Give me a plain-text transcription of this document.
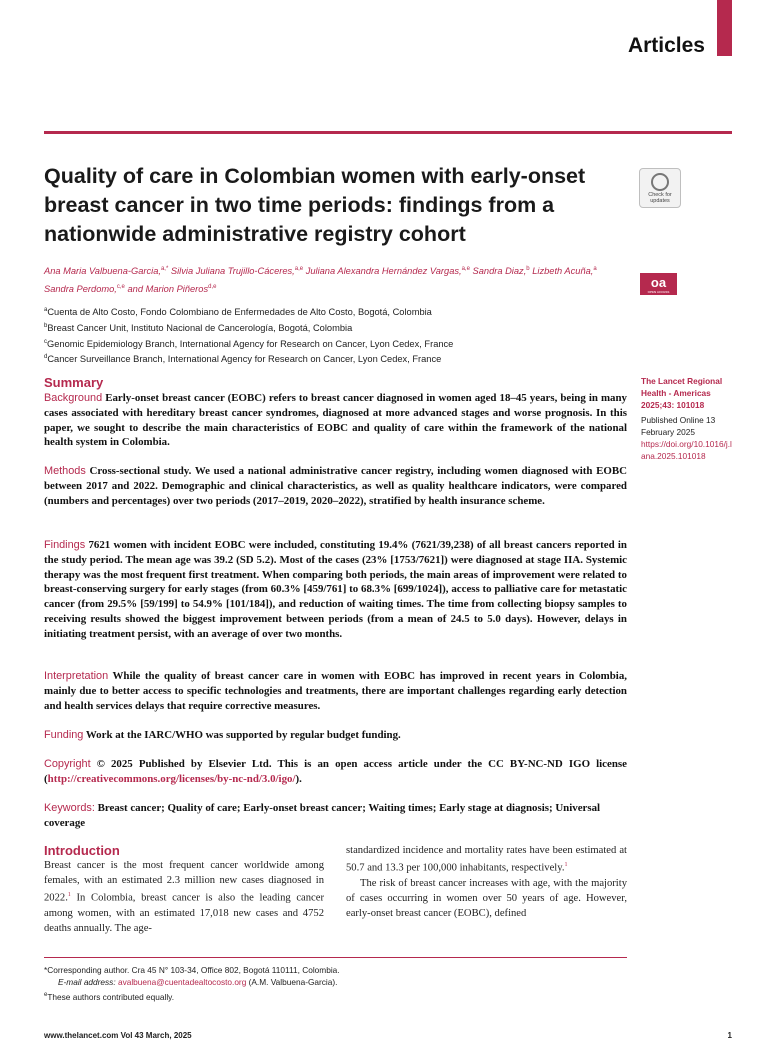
Articles
Quality of care in Colombian women with early-onset breast cancer in two time periods: findings from a nationwide administrative registry cohort
Check for
updates
oa
OPEN ACCESS
Ana Maria Valbuena-Garcia,$^{a,*}$ Silvia Juliana Trujillo-Cáceres,$^{a,e}$ Juliana Alexandra Hernández Vargas,$^{a,e}$ Sandra Diaz,$^b$ Lizbeth Acuña,$^a$
Sandra Perdomo,$^{c,e}$ and Marion Piñeros$^{d,e}$
$^a$Cuenta de Alto Costo, Fondo Colombiano de Enfermedades de Alto Costo, Bogotá, Colombia
$^b$Breast Cancer Unit, Instituto Nacional de Cancerología, Bogotá, Colombia
$^c$Genomic Epidemiology Branch, International Agency for Research on Cancer, Lyon Cedex, France
$^d$Cancer Surveillance Branch, International Agency for Research on Cancer, Lyon Cedex, France
Summary
Background Early-onset breast cancer (EOBC) refers to breast cancer diagnosed in women aged 18–45 years, being in many cases associated with hereditary breast cancer syndromes, diagnosed at more advanced stages and worse prognosis. In this paper, we sought to describe the main characteristics of EOBC and quality of care within the framework of the national health system in Colombia.
Methods Cross-sectional study. We used a national administrative cancer registry, including women diagnosed with EOBC between 2017 and 2022. Demographic and clinical characteristics, as well as quality healthcare indicators, were compared (numbers and percentages) over two periods (2017–2019, 2020–2022), stratified by health insurance scheme.
Findings 7621 women with incident EOBC were included, constituting 19.4% (7621/39,238) of all breast cancers reported in the study period. The mean age was 39.2 (SD 5.2). Most of the cases (23% [1753/7621]) were diagnosed at stage IIA. Systemic therapy was the most frequent first treatment. When comparing both periods, the main areas of improvement were related to breast-conserving surgery for early stages (from 60.3% [459/761] to 68.3% [699/1024]), access to palliative care for metastatic cancer (from 29.5% [59/199] to 54.9% [101/184]), and reduction of waiting times. The time from collecting biopsy samples to receiving results showed the biggest improvement between periods (from a mean of 24.5 to 5.0 days). However, delays in initiating treatment persist, with an average of over two months.
Interpretation While the quality of breast cancer care in women with EOBC has improved in recent years in Colombia, mainly due to better access to specific technologies and treatments, there are important challenges regarding early detection and health services delays that require corrective measures.
Funding Work at the IARC/WHO was supported by regular budget funding.
Copyright © 2025 Published by Elsevier Ltd. This is an open access article under the CC BY-NC-ND IGO license (http://creativecommons.org/licenses/by-nc-nd/3.0/igo/).
The Lancet Regional Health - Americas
2025;43: 101018
Published Online 13 February 2025
https://doi.org/10.1016/j.lana.2025.101018
Keywords: Breast cancer; Quality of care; Early-onset breast cancer; Waiting times; Early stage at diagnosis; Universal coverage
Introduction
Breast cancer is the most frequent cancer worldwide among females, with an estimated 2.3 million new cases diagnosed in 2022.$^1$ In Colombia, breast cancer is also the leading cancer among women, with an estimated 17,018 new cases and 4752 deaths annually. The age-
standardized incidence and mortality rates have been estimated at 50.7 and 13.3 per 100,000 inhabitants, respectively.$^1$
The risk of breast cancer increases with age, with the majority of cases occurring in women over 50 years of age. However, early-onset breast cancer (EOBC), defined
*Corresponding author. Cra 45 N° 103-34, Office 802, Bogotá 110111, Colombia.
E-mail address: avalbuena@cuentadealtocosto.org (A.M. Valbuena-Garcia).
$^e$These authors contributed equally.
www.thelancet.com Vol 43 March, 2025	1
